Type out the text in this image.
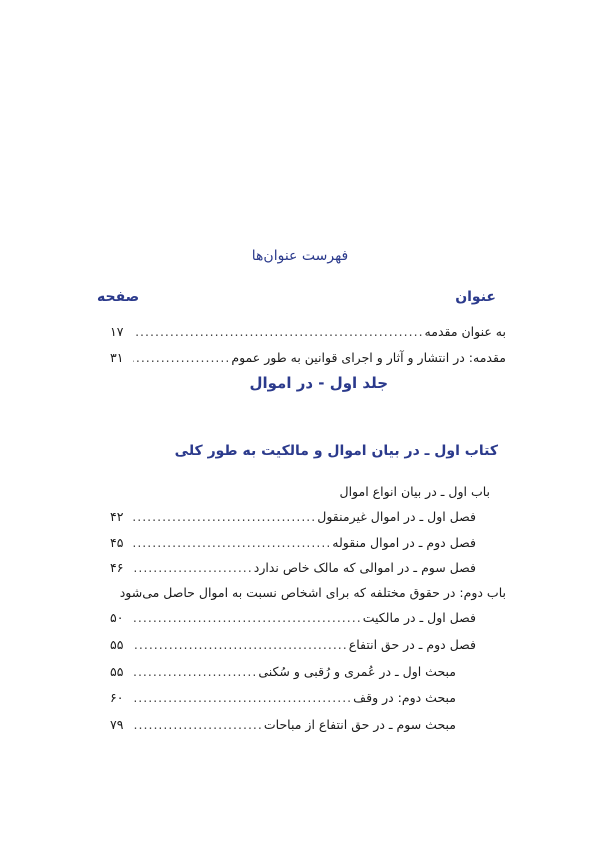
فهرست عنوان‌ها
عنوان
صفحه
به عنوان مقدمه
.....
۱۷
مقدمه: در انتشار و آثار و اجرای قوانین به طور عموم
.....
۳۱
جلد اول - در اموال
کتاب اول ـ در بیان اموال و مالکیت به طور کلی
باب اول ـ در بیان انواع اموال
فصل اول ـ در اموال غیرمنقول
.....
۴۲
فصل دوم ـ در اموال منقوله
.....
۴۵
فصل سوم ـ در اموالی که مالک خاص ندارد
.....
۴۶
باب دوم: در حقوق مختلفه که برای اشخاص نسبت به اموال حاصل می‌شود
فصل اول ـ در مالکیت
.....
۵۰
فصل دوم ـ در حق انتفاع
.....
۵۵
مبحث اول ـ در عُمری و رُقبی و سُکنی
.....
۵۵
مبحث دوم: در وقف
.....
۶۰
مبحث سوم ـ در حق انتفاع از مباحات
.....
۷۹
